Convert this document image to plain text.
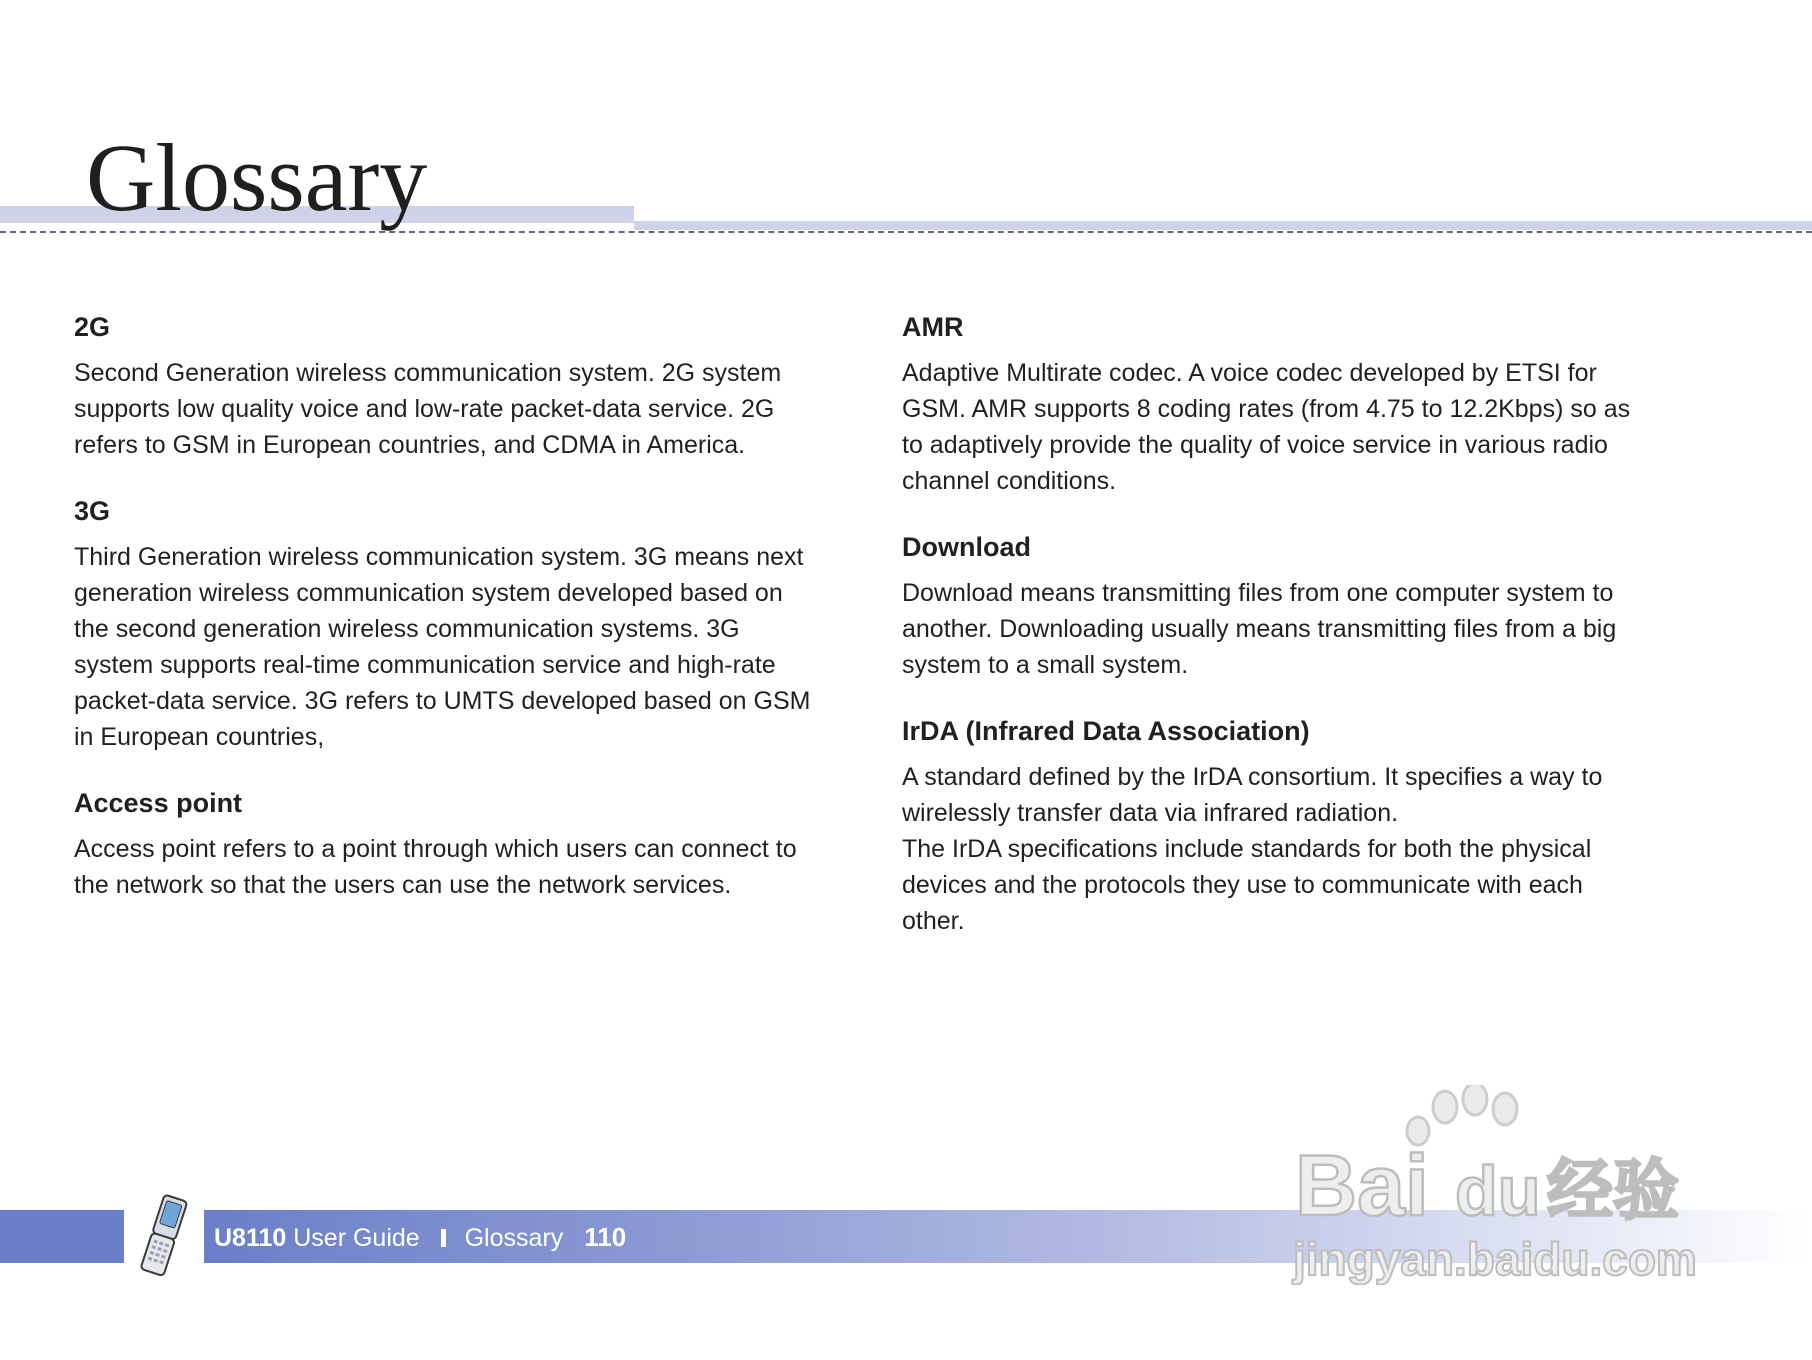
Glossary

2G

Second Generation wireless communication system. 2G system
supports low quality voice and low-rate packet-data service. 2G
refers to GSM in European countries, and CDMA in America.

3G

Third Generation wireless communication system. 3G means next
generation wireless communication system developed based on
the second generation wireless communication systems. 3G
system supports real-time communication service and high-rate
packet-data service. 3G refers to UMTS developed based on GSM
in European countries,

Access point

Access point refers to a point through which users can connect to
the network so that the users can use the network services.

AMR

Adaptive Multirate codec. A voice codec developed by ETSI for
GSM. AMR supports 8 coding rates (from 4.75 to 12.2Kbps) so as
to adaptively provide the quality of voice service in various radio
channel conditions.

Download

Download means transmitting files from one computer system to
another. Downloading usually means transmitting files from a big
system to a small system.

IrDA (Infrared Data Association)

A standard defined by the IrDA consortium. It specifies a way to
wirelessly transfer data via infrared radiation.
The IrDA specifications include standards for both the physical
devices and the protocols they use to communicate with each
other.

U8110 User Guide Glossary 110
Bai du 经验
jingyan.baidu.com
